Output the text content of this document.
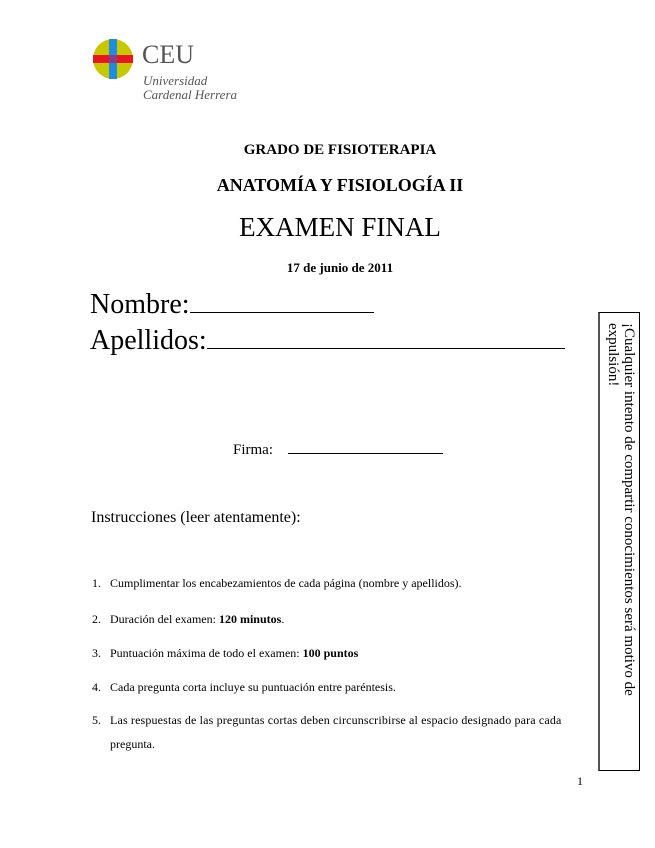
CEU
Universidad
Cardenal Herrera
GRADO DE FISIOTERAPIA
ANATOMÍA Y FISIOLOGÍA II
EXAMEN FINAL
17 de junio de 2011
Nombre:
Apellidos:
Firma:
Instrucciones (leer atentamente):
1. Cumplimentar los encabezamientos de cada página (nombre y apellidos).
2. Duración del examen: 120 minutos.
3. Puntuación máxima de todo el examen: 100 puntos
4. Cada pregunta corta incluye su puntuación entre paréntesis.
5. Las respuestas de las preguntas cortas deben circunscribirse al espacio designado para cada
pregunta.
¡Cualquier intento de compartir conocimientos será motivo de
expulsión!
1
